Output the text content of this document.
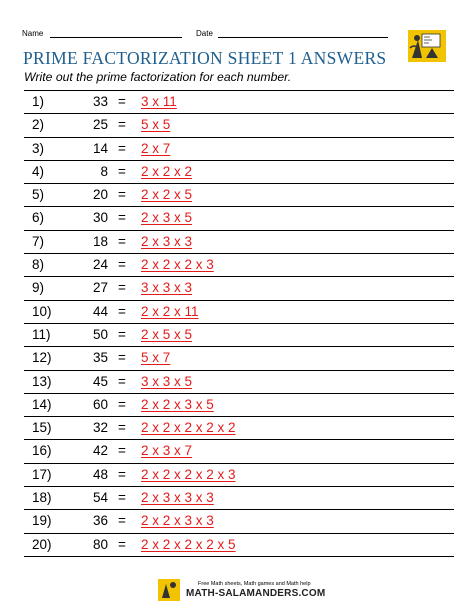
Name	Date
PRIME FACTORIZATION SHEET 1 ANSWERS
Write out the prime factorization for each number.
1)	33 = 3 x 11
2)	25 = 5 x 5
3)	14 = 2 x 7
4)	8 = 2 x 2 x 2
5)	20 = 2 x 2 x 5
6)	30 = 2 x 3 x 5
7)	18 = 2 x 3 x 3
8)	24 = 2 x 2 x 2 x 3
9)	27 = 3 x 3 x 3
10)	44 = 2 x 2 x 11
11)	50 = 2 x 5 x 5
12)	35 = 5 x 7
13)	45 = 3 x 3 x 5
14)	60 = 2 x 2 x 3 x 5
15)	32 = 2 x 2 x 2 x 2 x 2
16)	42 = 2 x 3 x 7
17)	48 = 2 x 2 x 2 x 2 x 3
18)	54 = 2 x 3 x 3 x 3
19)	36 = 2 x 2 x 3 x 3
20)	80 = 2 x 2 x 2 x 2 x 5
Free Math sheets, Math games and Math help
MATH-SALAMANDERS.COM
